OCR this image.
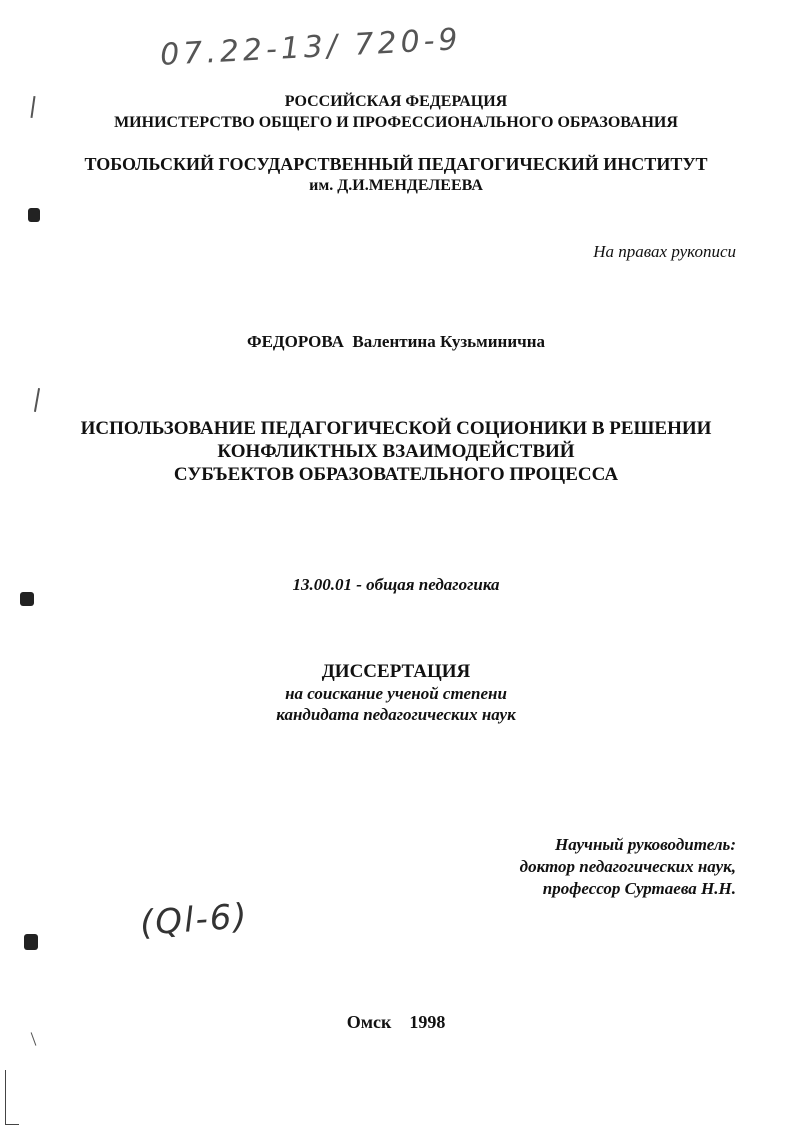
07.22-13/ 720-9
РОССИЙСКАЯ ФЕДЕРАЦИЯ
МИНИСТЕРСТВО ОБЩЕГО И ПРОФЕССИОНАЛЬНОГО ОБРАЗОВАНИЯ
ТОБОЛЬСКИЙ ГОСУДАРСТВЕННЫЙ ПЕДАГОГИЧЕСКИЙ ИНСТИТУТ
им. Д.И.МЕНДЕЛЕЕВА
На правах рукописи
ФЕДОРОВА Валентина Кузьминична
ИСПОЛЬЗОВАНИЕ ПЕДАГОГИЧЕСКОЙ СОЦИОНИКИ В РЕШЕНИИ
КОНФЛИКТНЫХ ВЗАИМОДЕЙСТВИЙ
СУБЪЕКТОВ ОБРАЗОВАТЕЛЬНОГО ПРОЦЕССА
13.00.01 - общая педагогика
ДИССЕРТАЦИЯ
на соискание ученой степени
кандидата педагогических наук
Научный руководитель:
доктор педагогических наук,
профессор Суртаева Н.Н.
(Ql-6)
Омск 1998
